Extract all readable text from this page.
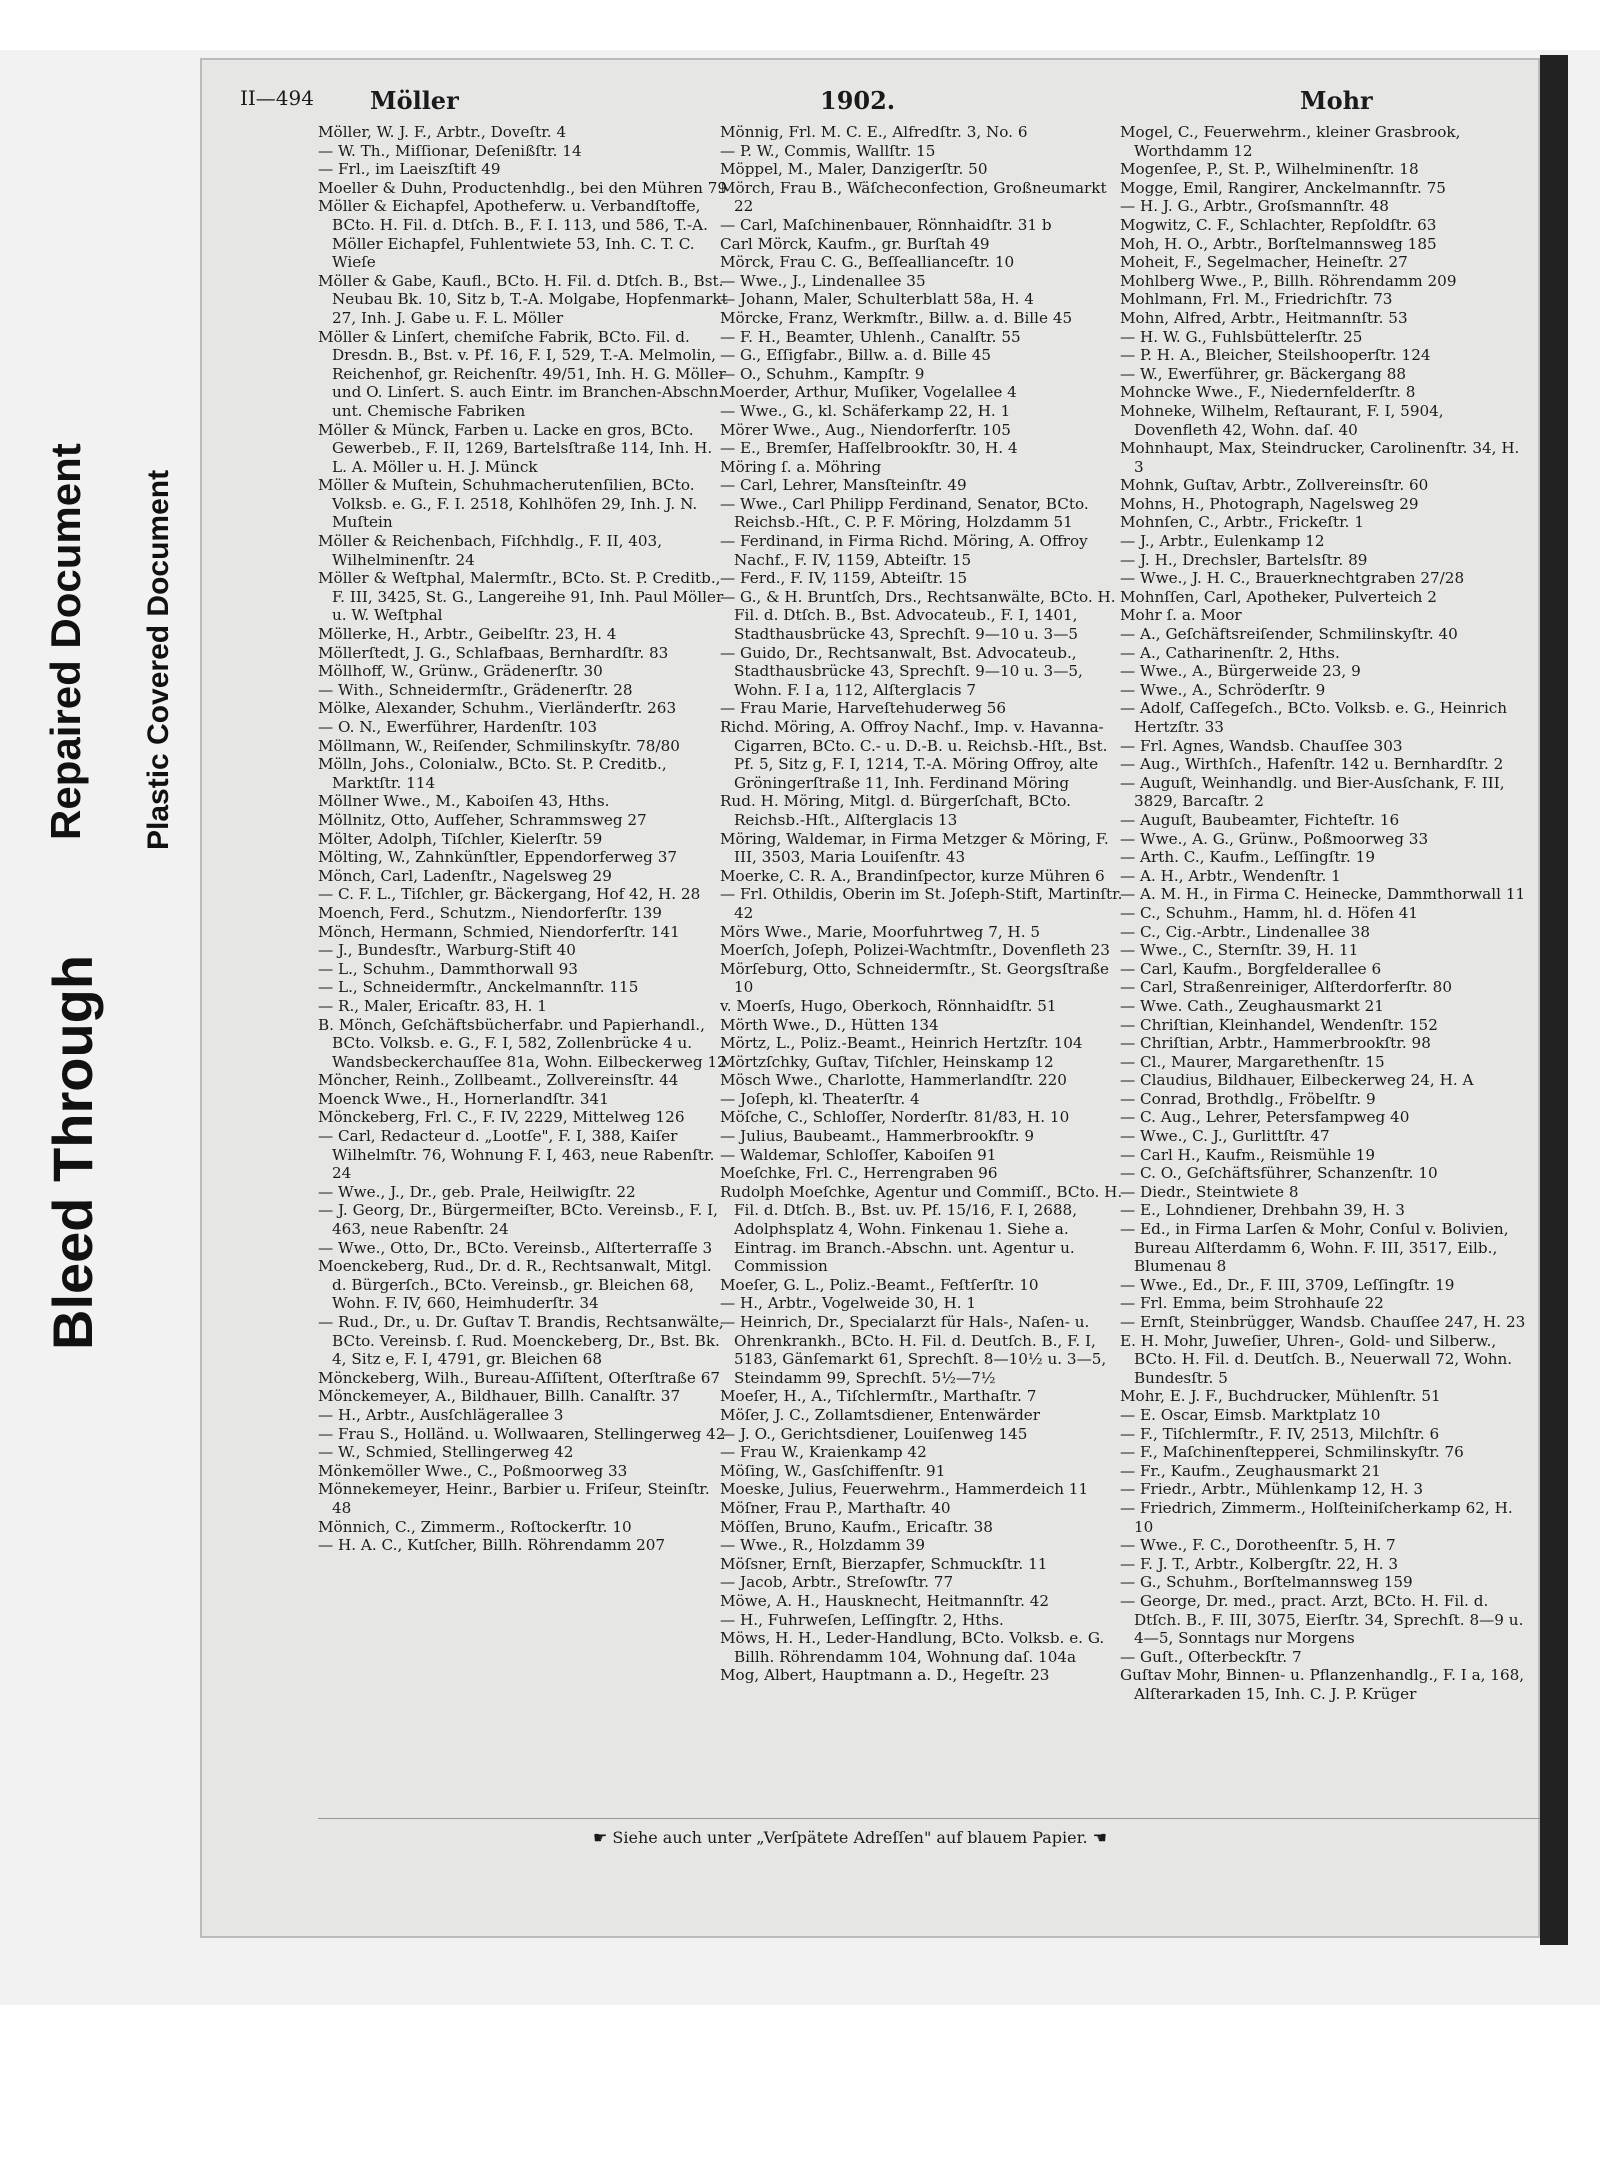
Bleed Through
Repaired Document Plastic Covered Document
II—494 Möller	1902.	Mohr

Möller, W. J. F., Arbtr., Doveſtr. 4

— W. Th., Miſſionar, Deſenißſtr. 14

— Frl., im Laeiszſtift 49

Moeller & Duhn, Productenhdlg., bei den Mühren 79

Möller & Eichapfel, Apotheferw. u. Verbandſtoffe, BCto. H. Fil. d. Dtſch. B., F. I. 113, und 586, T.-A. Möller Eichapfel, Fuhlentwiete 53, Inh. C. T. C. Wieſe

Möller & Gabe, Kaufl., BCto. H. Fil. d. Dtſch. B., Bst. Neubau Bk. 10, Sitz b, T.-A. Molgabe, Hopfenmarkt 27, Inh. J. Gabe u. F. L. Möller

Möller & Linſert, chemiſche Fabrik, BCto. Fil. d. Dresdn. B., Bst. v. Pf. 16, F. I, 529, T.-A. Melmolin, Reichenhof, gr. Reichenſtr. 49/51, Inh. H. G. Möller und O. Linſert. S. auch Eintr. im Branchen-Abschn. unt. Chemische Fabriken

Möller & Münck, Farben u. Lacke en gros, BCto. Gewerbeb., F. II, 1269, Bartelsſtraße 114, Inh. H. L. A. Möller u. H. J. Münck

Möller & Muſtein, Schuhmacherutenſilien, BCto. Volksb. e. G., F. I. 2518, Kohlhöfen 29, Inh. J. N. Muſtein

Möller & Reichenbach, Fiſchhdlg., F. II, 403, Wilhelminenſtr. 24

Möller & Weſtphal, Malermſtr., BCto. St. P. Creditb., F. III, 3425, St. G., Langereihe 91, Inh. Paul Möller u. W. Weſtphal

Möllerke, H., Arbtr., Geibelſtr. 23, H. 4

Möllerſtedt, J. G., Schlafbaas, Bernhardſtr. 83

Möllhoff, W., Grünw., Grädenerſtr. 30

— With., Schneidermſtr., Grädenerſtr. 28

Mölke, Alexander, Schuhm., Vierländerſtr. 263

— O. N., Ewerführer, Hardenſtr. 103

Möllmann, W., Reiſender, Schmilinskyſtr. 78/80

Mölln, Johs., Colonialw., BCto. St. P. Creditb., Marktſtr. 114

Möllner Wwe., M., Kaboiſen 43, Hths.

Möllnitz, Otto, Aufſeher, Schrammsweg 27

Mölter, Adolph, Tiſchler, Kielerſtr. 59

Mölting, W., Zahnkünſtler, Eppendorferweg 37

Mönch, Carl, Ladenſtr., Nagelsweg 29

— C. F. L., Tiſchler, gr. Bäckergang, Hof 42, H. 28

Moench, Ferd., Schutzm., Niendorferſtr. 139

Mönch, Hermann, Schmied, Niendorferſtr. 141

— J., Bundesſtr., Warburg-Stift 40

— L., Schuhm., Dammthorwall 93

— L., Schneidermſtr., Anckelmannſtr. 115

— R., Maler, Ericaſtr. 83, H. 1

B. Mönch, Geſchäftsbücherfabr. und Papierhandl., BCto. Volksb. e. G., F. I, 582, Zollenbrücke 4 u. Wandsbeckerchauſſee 81a, Wohn. Eilbeckerweg 12

Möncher, Reinh., Zollbeamt., Zollvereinsſtr. 44

Moenck Wwe., H., Hornerlandſtr. 341

Mönckeberg, Frl. C., F. IV, 2229, Mittelweg 126

— Carl, Redacteur d. „Lootſe", F. I, 388, Kaiſer Wilhelmſtr. 76, Wohnung F. I, 463, neue Rabenſtr. 24

— Wwe., J., Dr., geb. Prale, Heilwigſtr. 22

— J. Georg, Dr., Bürgermeiſter, BCto. Vereinsb., F. I, 463, neue Rabenſtr. 24

— Wwe., Otto, Dr., BCto. Vereinsb., Alſterterraſſe 3

Moenckeberg, Rud., Dr. d. R., Rechtsanwalt, Mitgl. d. Bürgerſch., BCto. Vereinsb., gr. Bleichen 68, Wohn. F. IV, 660, Heimhuderſtr. 34

— Rud., Dr., u. Dr. Guſtav T. Brandis, Rechtsanwälte, BCto. Vereinsb. ſ. Rud. Moenckeberg, Dr., Bst. Bk. 4, Sitz e, F. I, 4791, gr. Bleichen 68

Mönckeberg, Wilh., Bureau-Aſſiſtent, Oſterſtraße 67

Mönckemeyer, A., Bildhauer, Billh. Canalſtr. 37

— H., Arbtr., Ausſchlägerallee 3

— Frau S., Holländ. u. Wollwaaren, Stellingerweg 42

— W., Schmied, Stellingerweg 42

Mönkemöller Wwe., C., Poßmoorweg 33

Mönnekemeyer, Heinr., Barbier u. Friſeur, Steinſtr. 48

Mönnich, C., Zimmerm., Roſtockerſtr. 10

— H. A. C., Kutſcher, Billh. Röhrendamm 207

Mönnig, Frl. M. C. E., Alfredſtr. 3, No. 6

— P. W., Commis, Wallſtr. 15

Möppel, M., Maler, Danzigerſtr. 50

Mörch, Frau B., Wäſcheconfection, Großneumarkt 22

— Carl, Maſchinenbauer, Rönnhaidſtr. 31 b

Carl Mörck, Kaufm., gr. Burſtah 49

Mörck, Frau C. G., Beſſeallianceſtr. 10

— Wwe., J., Lindenallee 35

— Johann, Maler, Schulterblatt 58a, H. 4

Mörcke, Franz, Werkmſtr., Billw. a. d. Bille 45

— F. H., Beamter, Uhlenh., Canalſtr. 55

— G., Eſſigfabr., Billw. a. d. Bille 45

— O., Schuhm., Kampſtr. 9

Moerder, Arthur, Muſiker, Vogelallee 4

— Wwe., G., kl. Schäferkamp 22, H. 1

Mörer Wwe., Aug., Niendorferſtr. 105

— E., Bremſer, Haſſelbrookſtr. 30, H. 4

Möring ſ. a. Möhring

— Carl, Lehrer, Mansſteinſtr. 49

— Wwe., Carl Philipp Ferdinand, Senator, BCto. Reichsb.-Hſt., C. P. F. Möring, Holzdamm 51

— Ferdinand, in Firma Richd. Möring, A. Offroy Nachf., F. IV, 1159, Abteiſtr. 15

— Ferd., F. IV, 1159, Abteiſtr. 15

— G., & H. Bruntſch, Drs., Rechtsanwälte, BCto. H. Fil. d. Dtſch. B., Bst. Advocateub., F. I, 1401, Stadthausbrücke 43, Sprechſt. 9—10 u. 3—5

— Guido, Dr., Rechtsanwalt, Bst. Advocateub., Stadthausbrücke 43, Sprechſt. 9—10 u. 3—5, Wohn. F. I a, 112, Alſterglacis 7

— Frau Marie, Harveſtehuderweg 56

Richd. Möring, A. Offroy Nachf., Imp. v. Havanna-Cigarren, BCto. C.- u. D.-B. u. Reichsb.-Hſt., Bst. Pf. 5, Sitz g, F. I, 1214, T.-A. Möring Offroy, alte Gröningerſtraße 11, Inh. Ferdinand Möring

Rud. H. Möring, Mitgl. d. Bürgerſchaft, BCto. Reichsb.-Hſt., Alſterglacis 13

Möring, Waldemar, in Firma Metzger & Möring, F. III, 3503, Maria Louiſenſtr. 43

Moerke, C. R. A., Brandinſpector, kurze Mühren 6

— Frl. Othildis, Oberin im St. Joſeph-Stift, Martinſtr. 42

Mörs Wwe., Marie, Moorfuhrtweg 7, H. 5

Moerſch, Joſeph, Polizei-Wachtmſtr., Dovenfleth 23

Mörſeburg, Otto, Schneidermſtr., St. Georgsſtraße 10

v. Moerſs, Hugo, Oberkoch, Rönnhaidſtr. 51

Mörth Wwe., D., Hütten 134

Mörtz, L., Poliz.-Beamt., Heinrich Hertzſtr. 104

Mörtzſchky, Guſtav, Tiſchler, Heinskamp 12

Mösch Wwe., Charlotte, Hammerlandſtr. 220

— Joſeph, kl. Theaterſtr. 4

Möſche, C., Schloſſer, Norderſtr. 81/83, H. 10

— Julius, Baubeamt., Hammerbrookſtr. 9

— Waldemar, Schloſſer, Kaboiſen 91

Moeſchke, Frl. C., Herrengraben 96

Rudolph Moeſchke, Agentur und Commiſſ., BCto. H. Fil. d. Dtſch. B., Bst. uv. Pf. 15/16, F. I, 2688, Adolphsplatz 4, Wohn. Finkenau 1. Siehe a. Eintrag. im Branch.-Abschn. unt. Agentur u. Commission

Moeſer, G. L., Poliz.-Beamt., Feſtſerſtr. 10

— H., Arbtr., Vogelweide 30, H. 1

— Heinrich, Dr., Specialarzt für Hals-, Naſen- u. Ohrenkrankh., BCto. H. Fil. d. Deutſch. B., F. I, 5183, Gänſemarkt 61, Sprechſt. 8—10½ u. 3—5, Steindamm 99, Sprechſt. 5½—7½

Moeſer, H., A., Tiſchlermſtr., Marthaſtr. 7

Möſer, J. C., Zollamtsdiener, Entenwärder

— J. O., Gerichtsdiener, Louiſenweg 145

— Frau W., Kraienkamp 42

Möſing, W., Gasſchiffenſtr. 91

Moeske, Julius, Feuerwehrm., Hammerdeich 11

Möſner, Frau P., Marthaſtr. 40

Möſſen, Bruno, Kaufm., Ericaſtr. 38

— Wwe., R., Holzdamm 39

Möſsner, Ernſt, Bierzapfer, Schmuckſtr. 11

— Jacob, Arbtr., Streſowſtr. 77

Möwe, A. H., Hausknecht, Heitmannſtr. 42

— H., Fuhrweſen, Leſſingſtr. 2, Hths.

Möws, H. H., Leder-Handlung, BCto. Volksb. e. G. Billh. Röhrendamm 104, Wohnung daſ. 104a

Mog, Albert, Hauptmann a. D., Hegeſtr. 23

Mogel, C., Feuerwehrm., kleiner Grasbrook, Worthdamm 12

Mogenſee, P., St. P., Wilhelminenſtr. 18

Mogge, Emil, Rangirer, Anckelmannſtr. 75

— H. J. G., Arbtr., Groſsmannſtr. 48

Mogwitz, C. F., Schlachter, Repſoldſtr. 63

Moh, H. O., Arbtr., Borſtelmannsweg 185

Moheit, F., Segelmacher, Heineſtr. 27

Mohlberg Wwe., P., Billh. Röhrendamm 209

Mohlmann, Frl. M., Friedrichſtr. 73

Mohn, Alfred, Arbtr., Heitmannſtr. 53

— H. W. G., Fuhlsbüttelerſtr. 25

— P. H. A., Bleicher, Steilshooperſtr. 124

— W., Ewerführer, gr. Bäckergang 88

Mohncke Wwe., F., Niedernfelderſtr. 8

Mohneke, Wilhelm, Reſtaurant, F. I, 5904, Dovenfleth 42, Wohn. daſ. 40

Mohnhaupt, Max, Steindrucker, Carolinenſtr. 34, H. 3

Mohnk, Guſtav, Arbtr., Zollvereinsſtr. 60

Mohns, H., Photograph, Nagelsweg 29

Mohnſen, C., Arbtr., Frickeſtr. 1

— J., Arbtr., Eulenkamp 12

— J. H., Drechsler, Bartelsſtr. 89

— Wwe., J. H. C., Brauerknechtgraben 27/28

Mohnſſen, Carl, Apotheker, Pulverteich 2

Mohr ſ. a. Moor

— A., Geſchäftsreiſender, Schmilinskyſtr. 40

— A., Catharinenſtr. 2, Hths.

— Wwe., A., Bürgerweide 23, 9

— Wwe., A., Schröderſtr. 9

— Adolf, Caſſegeſch., BCto. Volksb. e. G., Heinrich Hertzſtr. 33

— Frl. Agnes, Wandsb. Chauſſee 303

— Aug., Wirthſch., Hafenſtr. 142 u. Bernhardſtr. 2

— Auguſt, Weinhandlg. und Bier-Ausſchank, F. III, 3829, Barcaſtr. 2

— Auguſt, Baubeamter, Fichteſtr. 16

— Wwe., A. G., Grünw., Poßmoorweg 33

— Arth. C., Kaufm., Leſſingſtr. 19

— A. H., Arbtr., Wendenſtr. 1

— A. M. H., in Firma C. Heinecke, Dammthorwall 11

— C., Schuhm., Hamm, hl. d. Höfen 41

— C., Cig.-Arbtr., Lindenallee 38

— Wwe., C., Sternſtr. 39, H. 11

— Carl, Kaufm., Borgfelderallee 6

— Carl, Straßenreiniger, Alſterdorferſtr. 80

— Wwe. Cath., Zeughausmarkt 21

— Chriſtian, Kleinhandel, Wendenſtr. 152

— Chriſtian, Arbtr., Hammerbrookſtr. 98

— Cl., Maurer, Margarethenſtr. 15

— Claudius, Bildhauer, Eilbeckerweg 24, H. A

— Conrad, Brothdlg., Fröbelſtr. 9

— C. Aug., Lehrer, Petersfampweg 40

— Wwe., C. J., Gurlittſtr. 47

— Carl H., Kaufm., Reismühle 19

— C. O., Geſchäftsführer, Schanzenſtr. 10

— Diedr., Steintwiete 8

— E., Lohndiener, Drehbahn 39, H. 3

— Ed., in Firma Larſen & Mohr, Conſul v. Bolivien, Bureau Alſterdamm 6, Wohn. F. III, 3517, Eilb., Blumenau 8

— Wwe., Ed., Dr., F. III, 3709, Leſſingſtr. 19

— Frl. Emma, beim Strohhauſe 22

— Ernſt, Steinbrügger, Wandsb. Chauſſee 247, H. 23

E. H. Mohr, Juweſier, Uhren-, Gold- und Silberw., BCto. H. Fil. d. Deutſch. B., Neuerwall 72, Wohn. Bundesſtr. 5

Mohr, E. J. F., Buchdrucker, Mühlenſtr. 51

— E. Oscar, Eimsb. Marktplatz 10

— F., Tiſchlermſtr., F. IV, 2513, Milchſtr. 6

— F., Maſchinenſtepperei, Schmilinskyſtr. 76

— Fr., Kaufm., Zeughausmarkt 21

— Friedr., Arbtr., Mühlenkamp 12, H. 3

— Friedrich, Zimmerm., Holſteiniſcherkamp 62, H. 10

— Wwe., F. C., Dorotheenſtr. 5, H. 7

— F. J. T., Arbtr., Kolbergſtr. 22, H. 3

— G., Schuhm., Borſtelmannsweg 159

— George, Dr. med., pract. Arzt, BCto. H. Fil. d. Dtſch. B., F. III, 3075, Eierſtr. 34, Sprechſt. 8—9 u. 4—5, Sonntags nur Morgens

— Guſt., Oſterbeckſtr. 7

Guſtav Mohr, Binnen- u. Pflanzenhandlg., F. I a, 168, Alſterarkaden 15, Inh. C. J. P. Krüger

☛ Siehe auch unter „Verſpätete Adreſſen" auf blauem Papier. ☚
